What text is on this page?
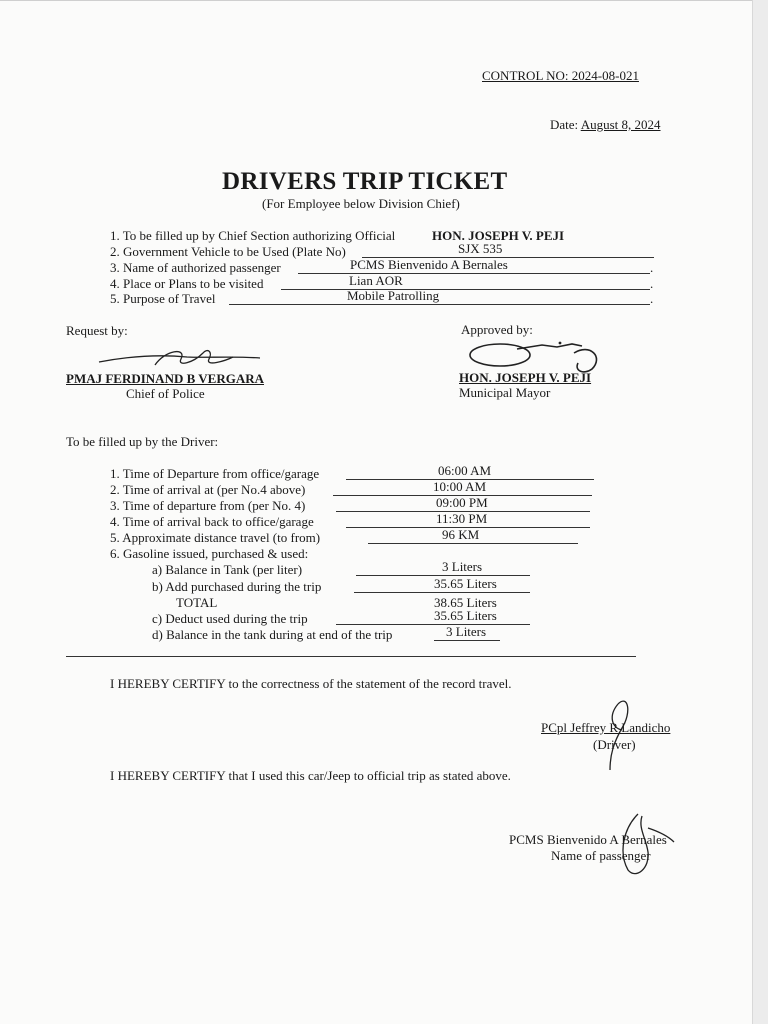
CONTROL NO: 2024-08-021
Date: August 8, 2024
DRIVERS TRIP TICKET
(For Employee below Division Chief)
1. To be filled up by Chief Section authorizing Official	HON. JOSEPH V. PEJI
2. Government Vehicle to be Used (Plate No)	SJX 535
3. Name of authorized passenger	PCMS Bienvenido A Bernales	.
4. Place or Plans to be visited	Lian AOR	.
5. Purpose of Travel	Mobile Patrolling	.
Request by:	Approved by:
PMAJ FERDINAND B VERGARA
Chief of Police
HON. JOSEPH V. PEJI
Municipal Mayor
To be filled up by the Driver:
1. Time of Departure from office/garage	06:00 AM
2. Time of arrival at (per No.4 above)	10:00 AM
3. Time of departure from (per No. 4)	09:00 PM
4. Time of arrival back to office/garage	11:30 PM
5. Approximate distance travel (to from)	96 KM
6. Gasoline issued, purchased & used:
a) Balance in Tank (per liter)	3 Liters
b) Add purchased during the trip	35.65 Liters
TOTAL	38.65 Liters
c) Deduct used during the trip	35.65 Liters
d) Balance in the tank during at end of the trip	3 Liters
I HEREBY CERTIFY to the correctness of the statement of the record travel.
PCpl Jeffrey R Landicho
(Driver)
I HEREBY CERTIFY that I used this car/Jeep to official trip as stated above.
PCMS Bienvenido A Bernales
Name of passenger
